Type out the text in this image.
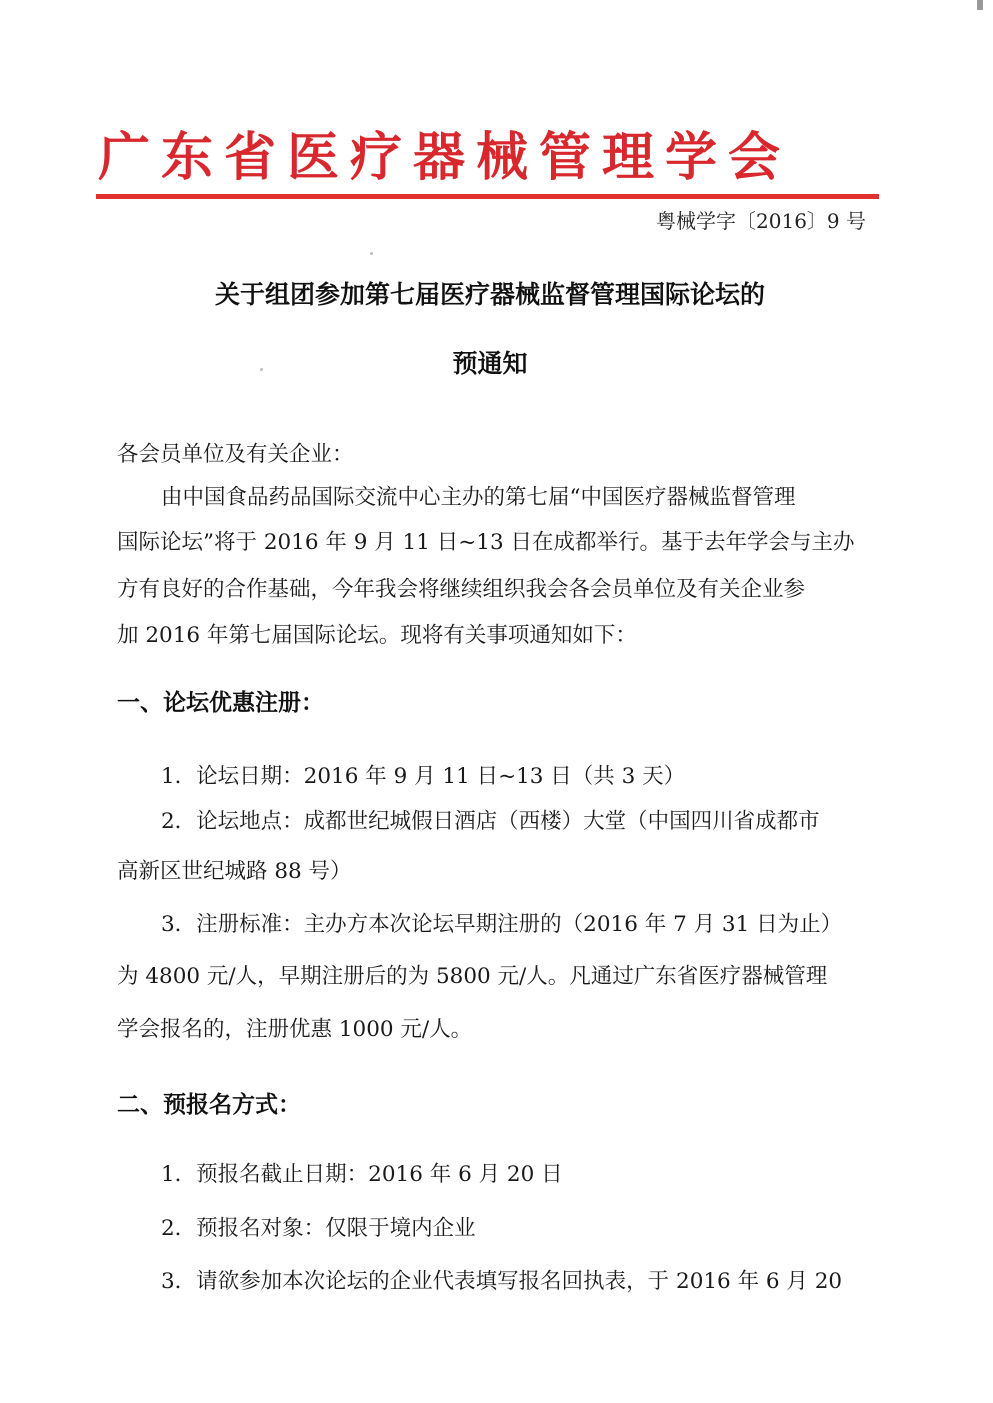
广东省医疗器械管理学会
粤械学字〔2016〕9 号
关于组团参加第七届医疗器械监督管理国际论坛的
预通知
各会员单位及有关企业：
由中国食品药品国际交流中心主办的第七届“中国医疗器械监督管理
国际论坛”将于 2016 年 9 月 11 日~13 日在成都举行。基于去年学会与主办
方有良好的合作基础，今年我会将继续组织我会各会员单位及有关企业参
加 2016 年第七届国际论坛。现将有关事项通知如下：
一、论坛优惠注册：
1．论坛日期：2016 年 9 月 11 日~13 日（共 3 天）
2．论坛地点：成都世纪城假日酒店（西楼）大堂（中国四川省成都市
高新区世纪城路 88 号）
3．注册标准：主办方本次论坛早期注册的（2016 年 7 月 31 日为止）
为 4800 元/人，早期注册后的为 5800 元/人。凡通过广东省医疗器械管理
学会报名的，注册优惠 1000 元/人。
二、预报名方式：
1．预报名截止日期：2016 年 6 月 20 日
2．预报名对象：仅限于境内企业
3．请欲参加本次论坛的企业代表填写报名回执表，于 2016 年 6 月 20
